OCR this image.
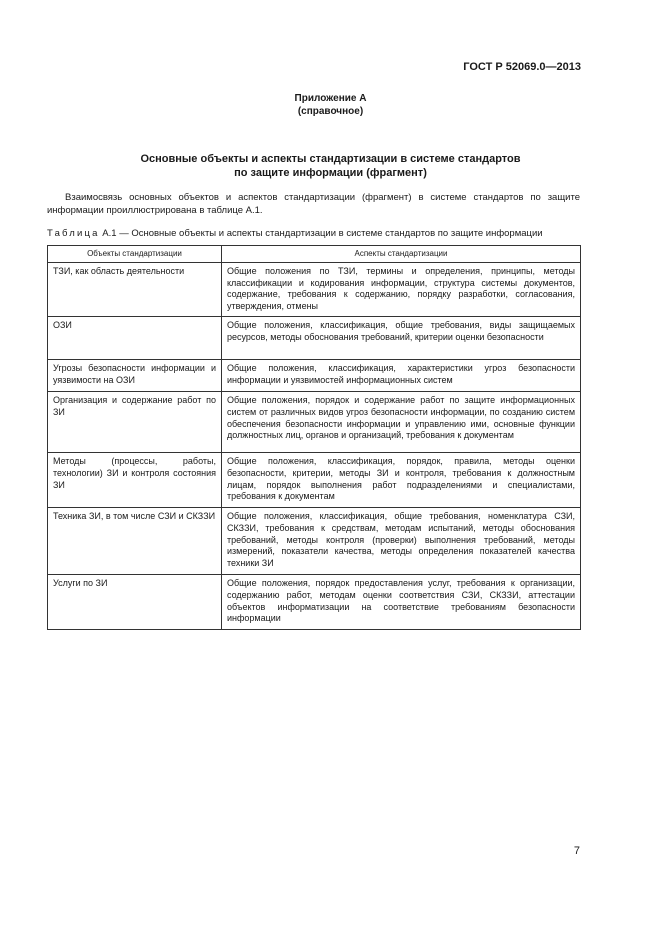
ГОСТ Р 52069.0—2013
Приложение А
(справочное)
Основные объекты и аспекты стандартизации в системе стандартов
по защите информации (фрагмент)

Взаимосвязь основных объектов и аспектов стандартизации (фрагмент) в системе стандартов по защите информации проиллюстрирована в таблице А.1.

Таблица А.1 — Основные объекты и аспекты стандартизации в системе стандартов по защите информации
Объекты стандартизации	Аспекты стандартизации
ТЗИ, как область деятельности	Общие положения по ТЗИ, термины и определения, принципы, методы классификации и кодирования информации, структура системы документов, содержание, требования к содержанию, порядку разработки, согласования, утверждения, отмены
ОЗИ	Общие положения, классификация, общие требования, виды защищаемых ресурсов, методы обоснования требований, критерии оценки безопасности
Угрозы безопасности информации и уязвимости на ОЗИ	Общие положения, классификация, характеристики угроз безопасности информации и уязвимостей информационных систем
Организация и содержание работ по ЗИ	Общие положения, порядок и содержание работ по защите информационных систем от различных видов угроз безопасности информации, по созданию систем обеспечения безопасности информации и управлению ими, основные функции должностных лиц, органов и организаций, требования к документам
Методы (процессы, работы, технологии) ЗИ и контроля состояния ЗИ	Общие положения, классификация, порядок, правила, методы оценки безопасности, критерии, методы ЗИ и контроля, требования к должностным лицам, порядок выполнения работ подразделениями и специалистами, требования к документам
Техника ЗИ, в том числе СЗИ и СКЗЗИ	Общие положения, классификация, общие требования, номенклатура СЗИ, СКЗЗИ, требования к средствам, методам испытаний, методы обоснования требований, методы контроля (проверки) выполнения требований, методы измерений, показатели качества, методы определения показателей качества техники ЗИ
Услуги по ЗИ	Общие положения, порядок предоставления услуг, требования к организации, содержанию работ, методам оценки соответствия СЗИ, СКЗЗИ, аттестации объектов информатизации на соответствие требованиям безопасности информации
7
